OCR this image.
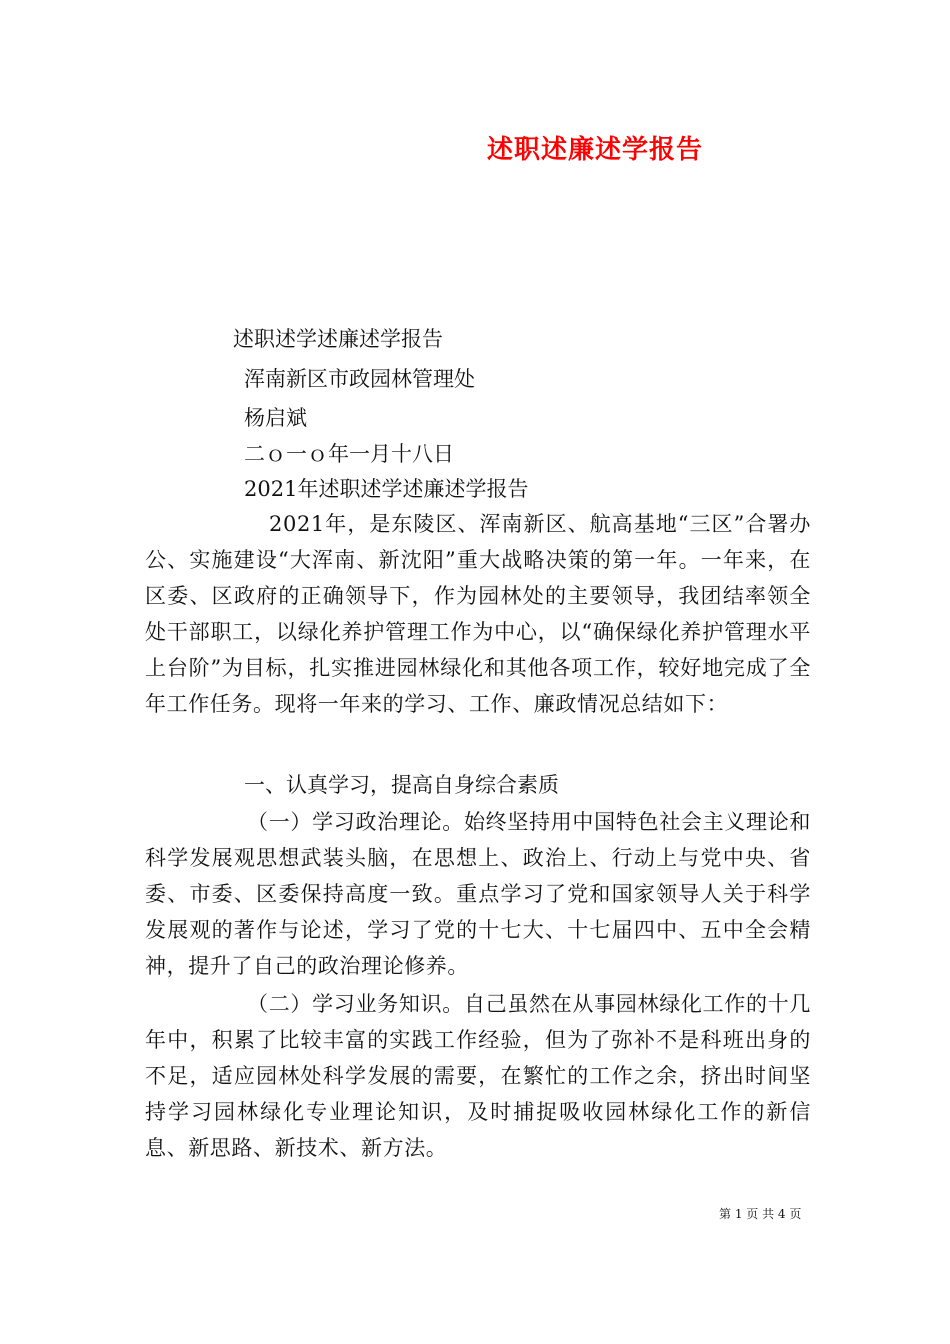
述职述廉述学报告
述职述学述廉述学报告
浑南新区市政园林管理处
杨启斌
二ｏ一ｏ年一月十八日
2021年述职述学述廉述学报告
　2021年，是东陵区、浑南新区、航高基地“三区”合署办公、实施建设“大浑南、新沈阳”重大战略决策的第一年。一年来，在区委、区政府的正确领导下，作为园林处的主要领导，我团结率领全处干部职工，以绿化养护管理工作为中心，以“确保绿化养护管理水平上台阶”为目标，扎实推进园林绿化和其他各项工作，较好地完成了全年工作任务。现将一年来的学习、工作、廉政情况总结如下：
一、认真学习，提高自身综合素质
（一）学习政治理论。始终坚持用中国特色社会主义理论和科学发展观思想武装头脑，在思想上、政治上、行动上与党中央、省委、市委、区委保持高度一致。重点学习了党和国家领导人关于科学发展观的著作与论述，学习了党的十七大、十七届四中、五中全会精神，提升了自己的政治理论修养。
（二）学习业务知识。自己虽然在从事园林绿化工作的十几年中，积累了比较丰富的实践工作经验，但为了弥补不是科班出身的不足，适应园林处科学发展的需要，在繁忙的工作之余，挤出时间坚持学习园林绿化专业理论知识，及时捕捉吸收园林绿化工作的新信息、新思路、新技术、新方法。
第 1 页 共 4 页
